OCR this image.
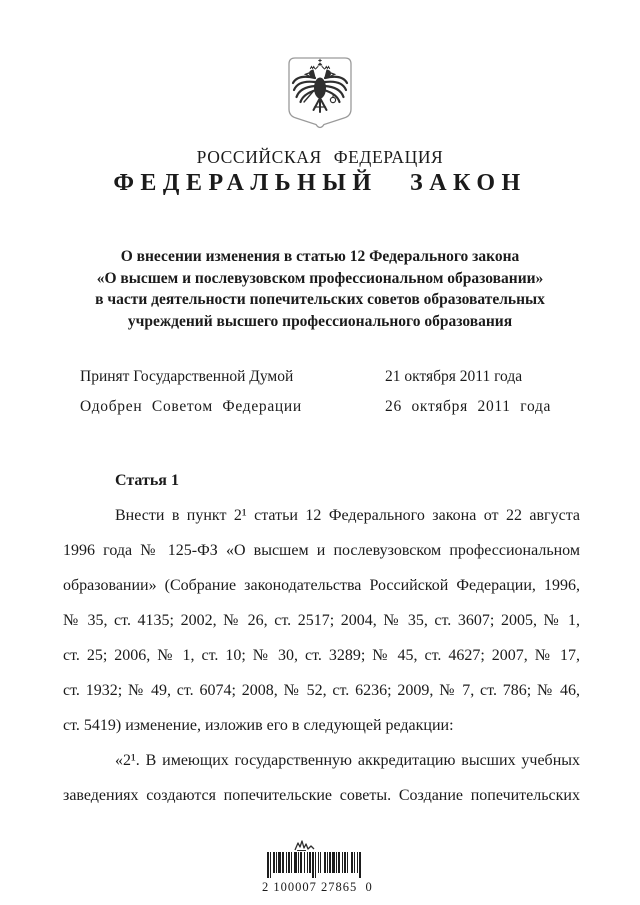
РОССИЙСКАЯ ФЕДЕРАЦИЯ
ФЕДЕРАЛЬНЫЙ ЗАКОН
О внесении изменения в статью 12 Федерального закона
«О высшем и послевузовском профессиональном образовании»
в части деятельности попечительских советов образовательных
учреждений высшего профессионального образования
Принят Государственной Думой	21 октября 2011 года
Одобрен Советом Федерации	26 октября 2011 года
Статья 1
Внести в пункт 2¹ статьи 12 Федерального закона от 22 августа
1996 года № 125-ФЗ «О высшем и послевузовском профессиональном
образовании» (Собрание законодательства Российской Федерации, 1996,
№ 35, ст. 4135; 2002, № 26, ст. 2517; 2004, № 35, ст. 3607; 2005, № 1,
ст. 25; 2006, № 1, ст. 10; № 30, ст. 3289; № 45, ст. 4627; 2007, № 17,
ст. 1932; № 49, ст. 6074; 2008, № 52, ст. 6236; 2009, № 7, ст. 786; № 46,
ст. 5419) изменение, изложив его в следующей редакции:
«2¹. В имеющих государственную аккредитацию высших учебных
заведениях создаются попечительские советы. Создание попечительских
2 100007 27865  0
